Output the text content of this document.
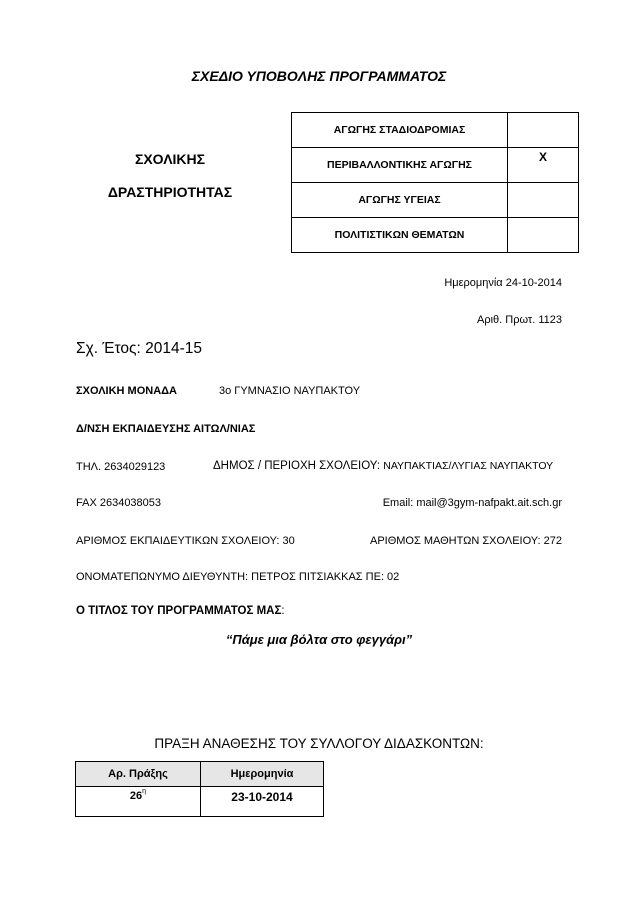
ΣΧΕΔΙΟ ΥΠΟΒΟΛΗΣ ΠΡΟΓΡΑΜΜΑΤΟΣ
ΣΧΟΛΙΚΗΣ
ΔΡΑΣΤΗΡΙΟΤΗΤΑΣ
ΑΓΩΓΗΣ ΣΤΑΔΙΟΔΡΟΜΙΑΣ	
ΠΕΡΙΒΑΛΛΟΝΤΙΚΗΣ ΑΓΩΓΗΣ	X
ΑΓΩΓΗΣ ΥΓΕΙΑΣ	
ΠΟΛΙΤΙΣΤΙΚΩΝ ΘΕΜΑΤΩΝ	
Ημερομηνία 24-10-2014
Αριθ. Πρωτ. 1123
Σχ. Έτος: 2014-15
ΣΧΟΛΙΚΗ ΜΟΝΑΔΑ	3ο ΓΥΜΝΑΣΙΟ ΝΑΥΠΑΚΤΟΥ
Δ/ΝΣΗ ΕΚΠΑΙΔΕΥΣΗΣ ΑΙΤΩΛ/ΝΙΑΣ
ΤΗΛ. 2634029123	ΔΗΜΟΣ / ΠΕΡΙΟΧΗ ΣΧΟΛΕΙΟΥ: ΝΑΥΠΑΚΤΙΑΣ/ΛΥΓΙΑΣ ΝΑΥΠΑΚΤΟΥ
FAX 2634038053	Email: mail@3gym-nafpakt.ait.sch.gr
ΑΡΙΘΜΟΣ ΕΚΠΑΙΔΕΥΤΙΚΩΝ ΣΧΟΛΕΙΟΥ: 30	ΑΡΙΘΜΟΣ ΜΑΘΗΤΩΝ ΣΧΟΛΕΙΟΥ: 272
ΟΝΟΜΑΤΕΠΩΝΥΜΟ ΔΙΕΥΘΥΝΤΗ: ΠΕΤΡΟΣ ΠΙΤΣΙΑΚΚΑΣ ΠΕ: 02
Ο ΤΙΤΛΟΣ ΤΟΥ ΠΡΟΓΡΑΜΜΑΤΟΣ ΜΑΣ:
“Πάμε μια βόλτα στο φεγγάρι”
ΠΡΑΞΗ ΑΝΑΘΕΣΗΣ ΤΟΥ ΣΥΛΛΟΓΟΥ ΔΙΔΑΣΚΟΝΤΩΝ:
Αρ. Πράξης	Ημερομηνία
$26^\eta$	23-10-2014
